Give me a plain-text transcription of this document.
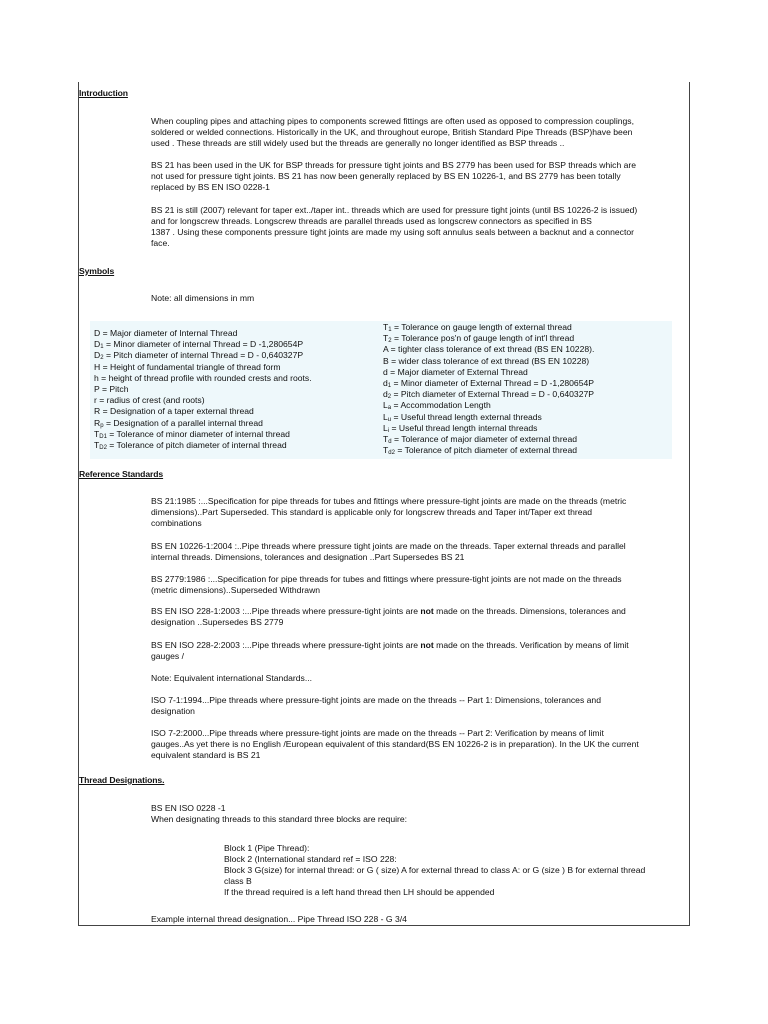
Introduction
When coupling pipes and attaching pipes to components screwed fittings are often used as opposed to compression couplings,
soldered or welded connections. Historically in the UK, and throughout europe, British Standard Pipe Threads (BSP)have been
used . These threads are still widely used but the threads are generally no longer identified as BSP threads ..
BS 21 has been used in the UK for BSP threads for pressure tight joints and BS 2779 has been used for BSP threads which are
not used for pressure tight joints. BS 21 has now been generally replaced by BS EN 10226-1, and BS 2779 has been totally
replaced by BS EN ISO 0228-1
BS 21 is still (2007) relevant for taper ext../taper int.. threads which are used for pressure tight joints (until BS 10226-2 is issued)
and for longscrew threads. Longscrew threads are parallel threads used as longscrew connectors as specified in BS
1387 . Using these components pressure tight joints are made my using soft annulus seals between a backnut and a connector
face.
Symbols
Note: all dimensions in mm
D = Major diameter of Internal Thread
$D_1$ = Minor diameter of internal Thread = D -1,280654P
$D_2$ = Pitch diameter of internal Thread = D - 0,640327P
H = Height of fundamental triangle of thread form
h = height of thread profile with rounded crests and roots.
P = Pitch
r = radius of crest (and roots)
R = Designation of a taper external thread
$R_p$ = Designation of a parallel internal thread
$T_{D1}$ = Tolerance of minor diameter of internal thread
$T_{D2}$ = Tolerance of pitch diameter of internal thread
$T_1$ = Tolerance on gauge length of external thread
$T_2$ = Tolerance pos'n of gauge length of int'l thread
A = tighter class tolerance of ext thread (BS EN 10228).
B = wider class tolerance of ext thread (BS EN 10228)
d = Major diameter of External Thread
$d_1$ = Minor diameter of External Thread = D -1,280654P
$d_2$ = Pitch diameter of External Thread = D - 0,640327P
$L_a$ = Accommodation Length
$L_u$ = Useful thread length external threads
$L_i$ = Useful thread length internal threads
$T_d$ = Tolerance of major diameter of external thread
$T_{d2}$ = Tolerance of pitch diameter of external thread
Reference Standards
BS 21:1985 :...Specification for pipe threads for tubes and fittings where pressure-tight joints are made on the threads (metric
dimensions)..Part Superseded. This standard is applicable only for longscrew threads and Taper int/Taper ext thread
combinations
BS EN 10226-1:2004 :..Pipe threads where pressure tight joints are made on the threads. Taper external threads and parallel
internal threads. Dimensions, tolerances and designation ..Part Supersedes BS 21
BS 2779:1986 :...Specification for pipe threads for tubes and fittings where pressure-tight joints are not made on the threads
(metric dimensions)..Superseded Withdrawn
BS EN ISO 228-1:2003 :...Pipe threads where pressure-tight joints are not made on the threads. Dimensions, tolerances and
designation ..Supersedes BS 2779
BS EN ISO 228-2:2003 :...Pipe threads where pressure-tight joints are not made on the threads. Verification by means of limit
gauges /
Note: Equivalent international Standards...
ISO 7-1:1994...Pipe threads where pressure-tight joints are made on the threads -- Part 1: Dimensions, tolerances and
designation
ISO 7-2:2000...Pipe threads where pressure-tight joints are made on the threads -- Part 2: Verification by means of limit
gauges..As yet there is no English /European equivalent of this standard(BS EN 10226-2 is in preparation). In the UK the current
equivalent standard is BS 21
Thread Designations.
BS EN ISO 0228 -1
When designating threads to this standard three blocks are require:
Block 1 (Pipe Thread):
Block 2 (International standard ref = ISO 228:
Block 3 G(size) for internal thread: or G ( size) A for external thread to class A: or G (size ) B for external thread
class B
If the thread required is a left hand thread then LH should be appended
Example internal thread designation... Pipe Thread ISO 228 - G 3/4
